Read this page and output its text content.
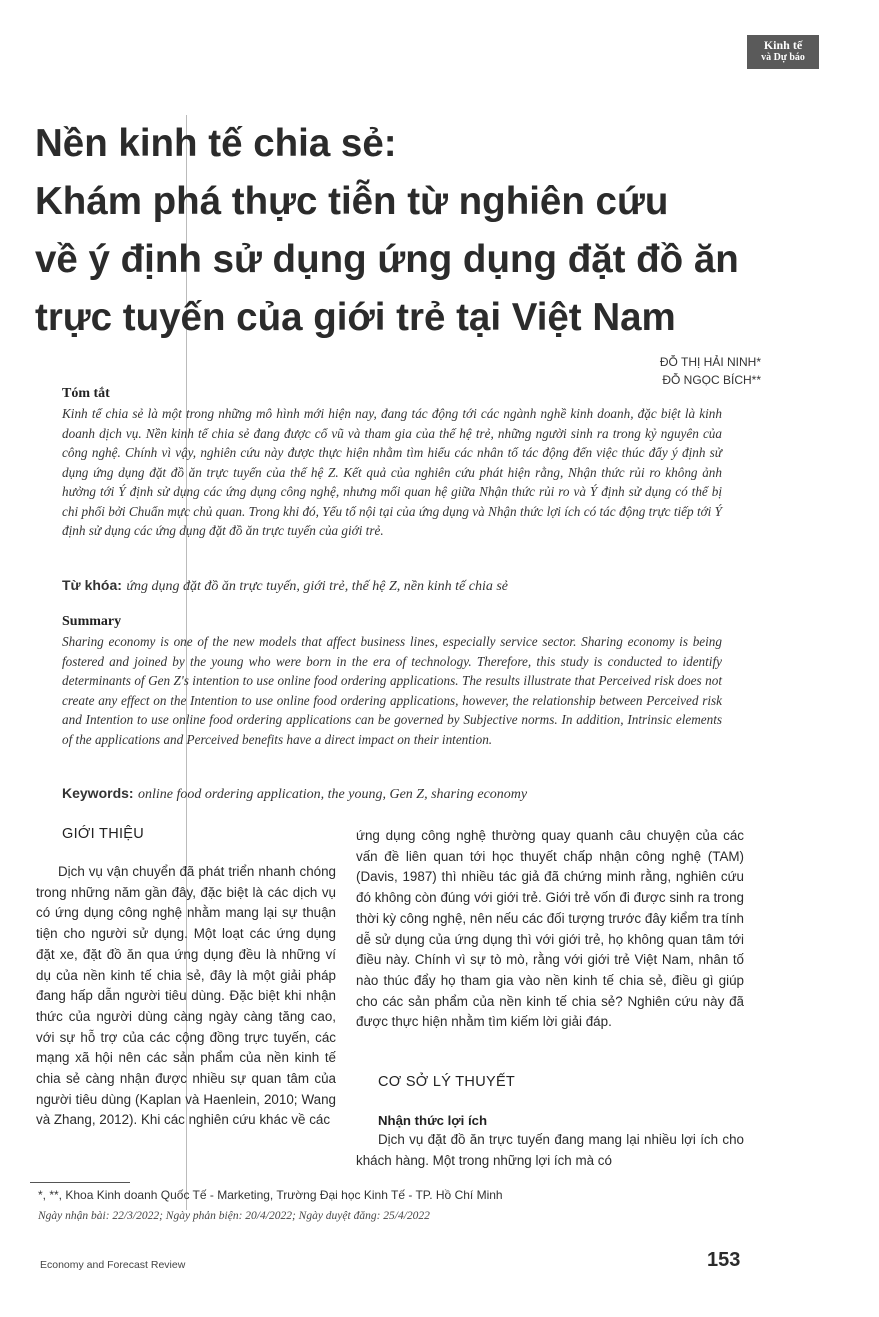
Kinh tế
và Dự báo
Nền kinh tế chia sẻ:
Khám phá thực tiễn từ nghiên cứu
về ý định sử dụng ứng dụng đặt đồ ăn
trực tuyến của giới trẻ tại Việt Nam
ĐỖ THỊ HẢI NINH*
ĐỖ NGỌC BÍCH**
Tóm tắt

Kinh tế chia sẻ là một trong những mô hình mới hiện nay, đang tác động tới các ngành nghề kinh doanh, đặc biệt là kinh doanh dịch vụ. Nền kinh tế chia sẻ đang được cổ vũ và tham gia của thế hệ trẻ, những người sinh ra trong kỷ nguyên của công nghệ. Chính vì vậy, nghiên cứu này được thực hiện nhằm tìm hiểu các nhân tố tác động đến việc thúc đẩy ý định sử dụng ứng dụng đặt đồ ăn trực tuyến của thế hệ Z. Kết quả của nghiên cứu phát hiện rằng, Nhận thức rủi ro không ảnh hưởng tới Ý định sử dụng các ứng dụng công nghệ, nhưng mối quan hệ giữa Nhận thức rủi ro và Ý định sử dụng có thể bị chi phối bởi Chuẩn mực chủ quan. Trong khi đó, Yếu tố nội tại của ứng dụng và Nhận thức lợi ích có tác động trực tiếp tới Ý định sử dụng các ứng dụng đặt đồ ăn trực tuyến của giới trẻ.

Từ khóa: ứng dụng đặt đồ ăn trực tuyến, giới trẻ, thế hệ Z, nền kinh tế chia sẻ
Summary

Sharing economy is one of the new models that affect business lines, especially service sector. Sharing economy is being fostered and joined by the young who were born in the era of technology. Therefore, this study is conducted to identify determinants of Gen Z's intention to use online food ordering applications. The results illustrate that Perceived risk does not create any effect on the Intention to use online food ordering applications, however, the relationship between Perceived risk and Intention to use online food ordering applications can be governed by Subjective norms. In addition, Intrinsic elements of the applications and Perceived benefits have a direct impact on their intention.

Keywords: online food ordering application, the young, Gen Z, sharing economy
GIỚI THIỆU

Dịch vụ vận chuyển đã phát triển nhanh chóng trong những năm gần đây, đặc biệt là các dịch vụ có ứng dụng công nghệ nhằm mang lại sự thuận tiện cho người sử dụng. Một loạt các ứng dụng đặt xe, đặt đồ ăn qua ứng dụng đều là những ví dụ của nền kinh tế chia sẻ, đây là một giải pháp đang hấp dẫn người tiêu dùng. Đặc biệt khi nhận thức của người dùng càng ngày càng tăng cao, với sự hỗ trợ của các cộng đồng trực tuyến, các mạng xã hội nên các sản phẩm của nền kinh tế chia sẻ càng nhận được nhiều sự quan tâm của người tiêu dùng (Kaplan và Haenlein, 2010; Wang và Zhang, 2012). Khi các nghiên cứu khác về các

ứng dụng công nghệ thường quay quanh câu chuyện của các vấn đề liên quan tới học thuyết chấp nhận công nghệ (TAM) (Davis, 1987) thì nhiều tác giả đã chứng minh rằng, nghiên cứu đó không còn đúng với giới trẻ. Giới trẻ vốn đi được sinh ra trong thời kỳ công nghệ, nên nếu các đối tượng trước đây kiểm tra tính dễ sử dụng của ứng dụng thì với giới trẻ, họ không quan tâm tới điều này. Chính vì sự tò mò, rằng với giới trẻ Việt Nam, nhân tố nào thúc đẩy họ tham gia vào nền kinh tế chia sẻ, điều gì giúp cho các sản phẩm của nền kinh tế chia sẻ? Nghiên cứu này đã được thực hiện nhằm tìm kiếm lời giải đáp.

CƠ SỞ LÝ THUYẾT
Nhận thức lợi ích

Dịch vụ đặt đồ ăn trực tuyến đang mang lại nhiều lợi ích cho khách hàng. Một trong những lợi ích mà có

*, **, Khoa Kinh doanh Quốc Tế - Marketing, Trường Đại học Kinh Tế - TP. Hồ Chí Minh
Ngày nhận bài: 22/3/2022; Ngày phản biện: 20/4/2022; Ngày duyệt đăng: 25/4/2022
Economy and Forecast Review	153
